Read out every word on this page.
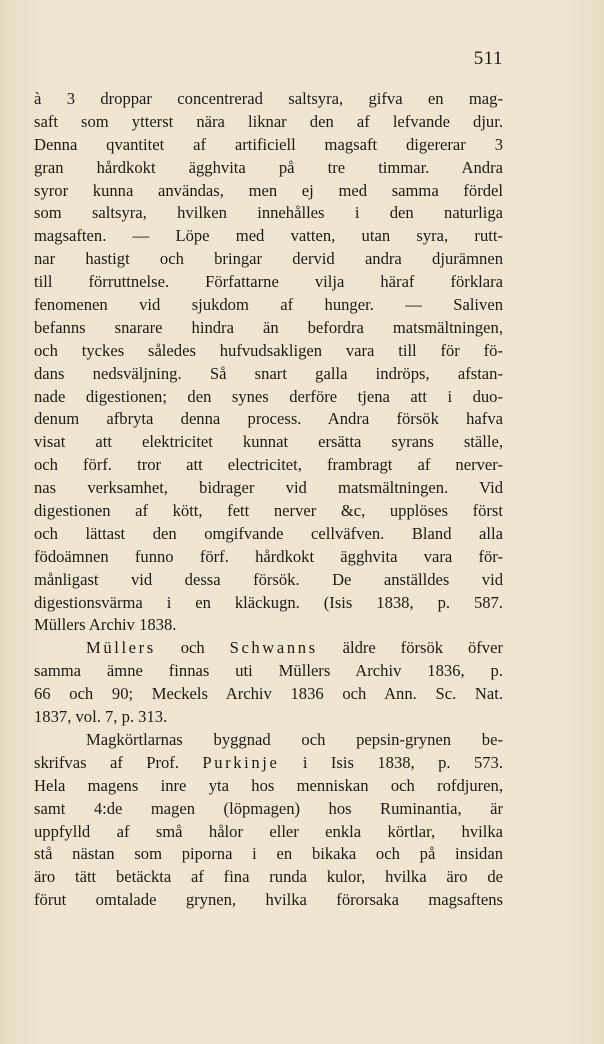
511
à 3 droppar concentrerad saltsyra, gifva en mag-
saft som ytterst nära liknar den af lefvande djur.
Denna qvantitet af artificiell magsaft digererar 3
gran hårdkokt ägghvita på tre timmar. Andra
syror kunna användas, men ej med samma fördel
som saltsyra, hvilken innehålles i den naturliga
magsaften. — Löpe med vatten, utan syra, rutt-
nar hastigt och bringar dervid andra djurämnen
till förruttnelse. Författarne vilja häraf förklara
fenomenen vid sjukdom af hunger. — Saliven
befanns snarare hindra än befordra matsmältningen,
och tyckes således hufvudsakligen vara till för fö-
dans nedsväljning. Så snart galla indröps, afstan-
nade digestionen; den synes derföre tjena att i duo-
denum afbryta denna process. Andra försök hafva
visat att elektricitet kunnat ersätta syrans ställe,
och förf. tror att electricitet, frambragt af nerver-
nas verksamhet, bidrager vid matsmältningen. Vid
digestionen af kött, fett nerver &c, upplöses först
och lättast den omgifvande cellväfven. Bland alla
födoämnen funno förf. hårdkokt ägghvita vara för-
månligast vid dessa försök. De anställdes vid
digestionsvärma i en kläckugn. (Isis 1838, p. 587.
Müllers Archiv 1838.
Müllers och Schwanns äldre försök öfver
samma ämne finnas uti Müllers Archiv 1836, p.
66 och 90; Meckels Archiv 1836 och Ann. Sc. Nat.
1837, vol. 7, p. 313.
Magkörtlarnas byggnad och pepsin-grynen be-
skrifvas af Prof. Purkinje i Isis 1838, p. 573.
Hela magens inre yta hos menniskan och rofdjuren,
samt 4:de magen (löpmagen) hos Ruminantia, är
uppfylld af små hålor eller enkla körtlar, hvilka
stå nästan som piporna i en bikaka och på insidan
äro tätt betäckta af fina runda kulor, hvilka äro de
förut omtalade grynen, hvilka förorsaka magsaftens
